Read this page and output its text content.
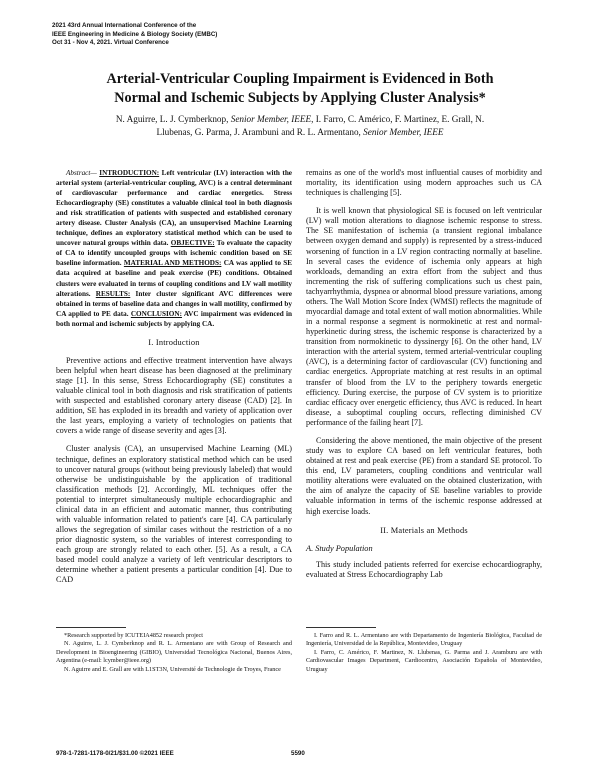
2021 43rd Annual International Conference of the
IEEE Engineering in Medicine & Biology Society (EMBC)
Oct 31 - Nov 4, 2021. Virtual Conference
Arterial-Ventricular Coupling Impairment is Evidenced in Both
Normal and Ischemic Subjects by Applying Cluster Analysis*
N. Aguirre, L. J. Cymberknop, Senior Member, IEEE, I. Farro, C. Américo, F. Martinez, E. Grall, N.
Llubenas, G. Parma, J. Arambuni and R. L. Armentano, Senior Member, IEEE

Abstract— INTRODUCTION: Left ventricular (LV) interaction with the arterial system (arterial-ventricular coupling, AVC) is a central determinant of cardiovascular performance and cardiac energetics. Stress Echocardiography (SE) constitutes a valuable clinical tool in both diagnosis and risk stratification of patients with suspected and established coronary artery disease. Cluster Analysis (CA), an unsupervised Machine Learning technique, defines an exploratory statistical method which can be used to uncover natural groups within data. OBJECTIVE: To evaluate the capacity of CA to identify uncoupled groups with ischemic condition based on SE baseline information. MATERIAL AND METHODS: CA was applied to SE data acquired at baseline and peak exercise (PE) conditions. Obtained clusters were evaluated in terms of coupling conditions and LV wall motility alterations. RESULTS: Inter cluster significant AVC differences were obtained in terms of baseline data and changes in wall motility, confirmed by CA applied to PE data. CONCLUSION: AVC impairment was evidenced in both normal and ischemic subjects by applying CA.

I. Introduction

Preventive actions and effective treatment intervention have always been helpful when heart disease has been diagnosed at the preliminary stage [1]. In this sense, Stress Echocardiography (SE) constitutes a valuable clinical tool in both diagnosis and risk stratification of patients with suspected and established coronary artery disease (CAD) [2]. In addition, SE has exploded in its breadth and variety of application over the last years, employing a variety of technologies on patients that covers a wide range of disease severity and ages [3].

Cluster analysis (CA), an unsupervised Machine Learning (ML) technique, defines an exploratory statistical method which can be used to uncover natural groups (without being previously labeled) that would otherwise be undistinguishable by the application of traditional classification methods [2]. Accordingly, ML techniques offer the potential to interpret simultaneously multiple echocardiographic and clinical data in an efficient and automatic manner, thus contributing with valuable information related to patient's care [4]. CA particularly allows the segregation of similar cases without the restriction of a no prior diagnostic system, so the variables of interest corresponding to each group are strongly related to each other. [5]. As a result, a CA based model could analyze a variety of left ventricular descriptors to determine whether a patient presents a particular condition [4]. Due to CAD

remains as one of the world's most influential causes of morbidity and mortality, its identification using modern approaches such us CA techniques is challenging [5].

It is well known that physiological SE is focused on left ventricular (LV) wall motion alterations to diagnose ischemic response to stress. The SE manifestation of ischemia (a transient regional imbalance between oxygen demand and supply) is represented by a stress-induced worsening of function in a LV region contracting normally at baseline. In several cases the evidence of ischemia only appears at high workloads, demanding an extra effort from the subject and thus incrementing the risk of suffering complications such us chest pain, tachyarrhythmia, dyspnea or abnormal blood pressure variations, among others. The Wall Motion Score Index (WMSI) reflects the magnitude of myocardial damage and total extent of wall motion abnormalities. While in a normal response a segment is normokinetic at rest and normal-hyperkinetic during stress, the ischemic response is characterized by a transition from normokinetic to dyssinergy [6]. On the other hand, LV interaction with the arterial system, termed arterial-ventricular coupling (AVC), is a determining factor of cardiovascular (CV) functioning and cardiac energetics. Appropriate matching at rest results in an optimal transfer of blood from the LV to the periphery towards energetic efficiency. During exercise, the purpose of CV system is to prioritize cardiac efficacy over energetic efficiency, thus AVC is reduced. In heart disease, a suboptimal coupling occurs, reflecting diminished CV performance of the failing heart [7].

Considering the above mentioned, the main objective of the present study was to explore CA based on left ventricular features, both obtained at rest and peak exercise (PE) from a standard SE protocol. To this end, LV parameters, coupling conditions and ventricular wall motility alterations were evaluated on the obtained clusterization, with the aim of analyze the capacity of SE baseline variables to provide valuable information in terms of the ischemic response addressed at high exercise loads.

II. Materials an Methods
A. Study Population

This study included patients referred for exercise echocardiography, evaluated at Stress Echocardiography Lab

*Research supported by ICUTEIA4852 research project

N. Aguirre, L. J. Cymberknop and R. L. Armentano are with Group of Research and Development in Bioengineering (GIBIO), Universidad Tecnológica Nacional, Buenos Aires, Argentina (e-mail: lcymber@ieee.org)

N. Aguirre and E. Grall are with L1ST3N, Université de Technologie de Troyes, France

I. Farro and R. L. Armentano are with Departamento de Ingeniería Biológica, Facultad de Ingeniería, Universidad de la República, Montevideo, Uruguay

I. Farro, C. Américo, F. Martinez, N. Llubenas, G. Parma and J. Aramburu are with Cardiovascular Images Department, Cardiocentro, Asociación Española of Montevideo, Uruguay

978-1-7281-1178-0/21/$31.00 ©2021 IEEE	5590
